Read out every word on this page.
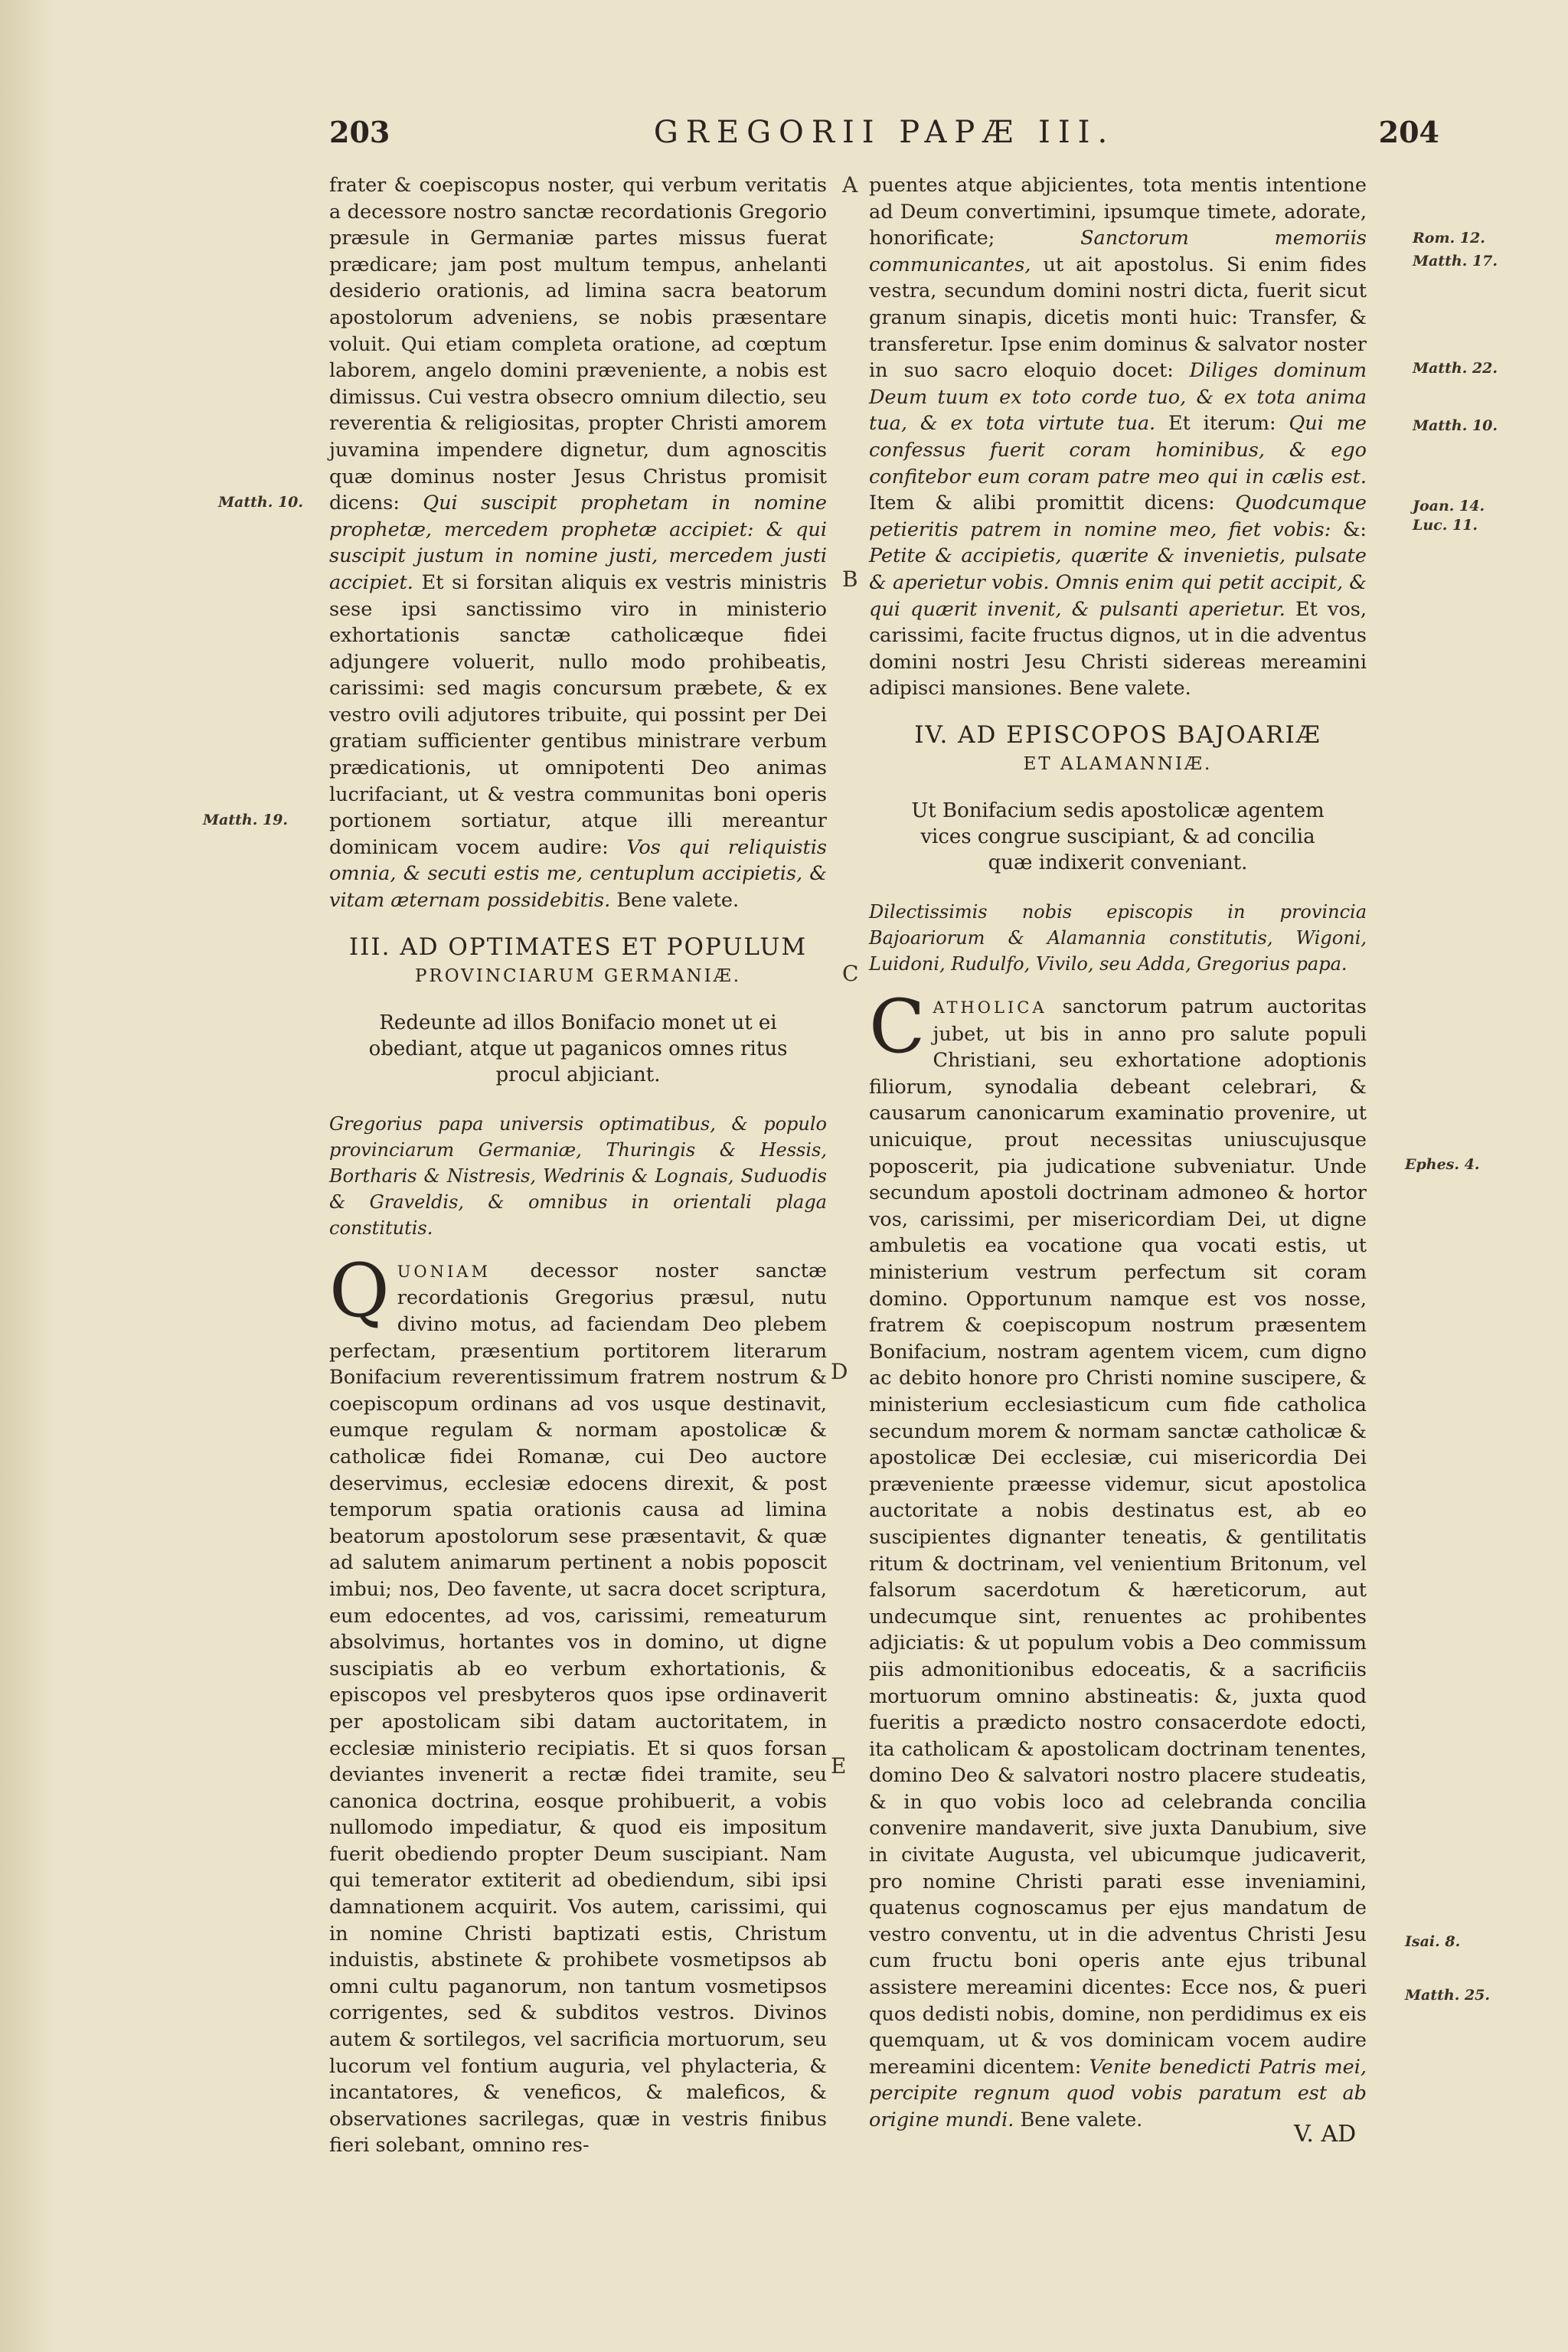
203	GREGORII PAPÆ III.	204

frater & coepiscopus noster, qui verbum veritatis a decessore nostro sanctæ recordationis Gregorio præsule in Germaniæ partes missus fuerat prædicare; jam post multum tempus, anhelanti desiderio orationis, ad limina sacra beatorum apostolorum adveniens, se nobis præsentare voluit. Qui etiam completa oratione, ad cœptum laborem, angelo domini præveniente, a nobis est dimissus. Cui vestra obsecro omnium dilectio, seu reverentia & religiositas, propter Christi amorem juvamina impendere dignetur, dum agnoscitis quæ dominus noster Jesus Christus promisit dicens: Qui suscipit prophetam in nomine prophetæ, mercedem prophetæ accipiet: & qui suscipit justum in nomine justi, mercedem justi accipiet. Et si forsitan aliquis ex vestris ministris sese ipsi sanctissimo viro in ministerio exhortationis sanctæ catholicæque fidei adjungere voluerit, nullo modo prohibeatis, carissimi: sed magis concursum præbete, & ex vestro ovili adjutores tribuite, qui possint per Dei gratiam sufficienter gentibus ministrare verbum prædicationis, ut omnipotenti Deo animas lucrifaciant, ut & vestra communitas boni operis portionem sortiatur, atque illi mereantur dominicam vocem audire: Vos qui reliquistis omnia, & secuti estis me, centuplum accipietis, & vitam æternam possidebitis. Bene valete.

III. AD OPTIMATES ET POPULUM
PROVINCIARUM GERMANIÆ.
Redeunte ad illos Bonifacio monet ut ei obediant, atque ut paganicos omnes ritus procul abjiciant.
Gregorius papa universis optimatibus, & populo provinciarum Germaniæ, Thuringis & Hessis, Bortharis & Nistresis, Wedrinis & Lognais, Suduodis & Graveldis, & omnibus in orientali plaga constitutis.

Q UONIAM decessor noster sanctæ recordationis Gregorius præsul, nutu divino motus, ad faciendam Deo plebem perfectam, præsentium portitorem literarum Bonifacium reverentissimum fratrem nostrum & coepiscopum ordinans ad vos usque destinavit, eumque regulam & normam apostolicæ & catholicæ fidei Romanæ, cui Deo auctore deservimus, ecclesiæ edocens direxit, & post temporum spatia orationis causa ad limina beatorum apostolorum sese præsentavit, & quæ ad salutem animarum pertinent a nobis poposcit imbui; nos, Deo favente, ut sacra docet scriptura, eum edocentes, ad vos, carissimi, remeaturum absolvimus, hortantes vos in domino, ut digne suscipiatis ab eo verbum exhortationis, & episcopos vel presbyteros quos ipse ordinaverit per apostolicam sibi datam auctoritatem, in ecclesiæ ministerio recipiatis. Et si quos forsan deviantes invenerit a rectæ fidei tramite, seu canonica doctrina, eosque prohibuerit, a vobis nullomodo impediatur, & quod eis impositum fuerit obediendo propter Deum suscipiant. Nam qui temerator extiterit ad obediendum, sibi ipsi damnationem acquirit. Vos autem, carissimi, qui in nomine Christi baptizati estis, Christum induistis, abstinete & prohibete vosmetipsos ab omni cultu paganorum, non tantum vosmetipsos corrigentes, sed & subditos vestros. Divinos autem & sortilegos, vel sacrificia mortuorum, seu lucorum vel fontium auguria, vel phylacteria, & incantatores, & veneficos, & maleficos, & observationes sacrilegas, quæ in vestris finibus fieri solebant, omnino res-

puentes atque abjicientes, tota mentis intentione ad Deum convertimini, ipsumque timete, adorate, honorificate; Sanctorum memoriis communicantes, ut ait apostolus. Si enim fides vestra, secundum domini nostri dicta, fuerit sicut granum sinapis, dicetis monti huic: Transfer, & transferetur. Ipse enim dominus & salvator noster in suo sacro eloquio docet: Diliges dominum Deum tuum ex toto corde tuo, & ex tota anima tua, & ex tota virtute tua. Et iterum: Qui me confessus fuerit coram hominibus, & ego confitebor eum coram patre meo qui in cælis est. Item & alibi promittit dicens: Quodcumque petieritis patrem in nomine meo, fiet vobis: &: Petite & accipietis, quærite & invenietis, pulsate & aperietur vobis. Omnis enim qui petit accipit, & qui quærit invenit, & pulsanti aperietur. Et vos, carissimi, facite fructus dignos, ut in die adventus domini nostri Jesu Christi sidereas mereamini adipisci mansiones. Bene valete.

IV. AD EPISCOPOS BAJOARIÆ
ET ALAMANNIÆ.
Ut Bonifacium sedis apostolicæ agentem vices congrue suscipiant, & ad concilia quæ indixerit conveniant.
Dilectissimis nobis episcopis in provincia Bajoariorum & Alamannia constitutis, Wigoni, Luidoni, Rudulfo, Vivilo, seu Adda, Gregorius papa.

C ATHOLICA sanctorum patrum auctoritas jubet, ut bis in anno pro salute populi Christiani, seu exhortatione adoptionis filiorum, synodalia debeant celebrari, & causarum canonicarum examinatio provenire, ut unicuique, prout necessitas uniuscujusque poposcerit, pia judicatione subveniatur. Unde secundum apostoli doctrinam admoneo & hortor vos, carissimi, per misericordiam Dei, ut digne ambuletis ea vocatione qua vocati estis, ut ministerium vestrum perfectum sit coram domino. Opportunum namque est vos nosse, fratrem & coepiscopum nostrum præsentem Bonifacium, nostram agentem vicem, cum digno ac debito honore pro Christi nomine suscipere, & ministerium ecclesiasticum cum fide catholica secundum morem & normam sanctæ catholicæ & apostolicæ Dei ecclesiæ, cui misericordia Dei præveniente præesse videmur, sicut apostolica auctoritate a nobis destinatus est, ab eo suscipientes dignanter teneatis, & gentilitatis ritum & doctrinam, vel venientium Britonum, vel falsorum sacerdotum & hæreticorum, aut undecumque sint, renuentes ac prohibentes adjiciatis: & ut populum vobis a Deo commissum piis admonitionibus edoceatis, & a sacrificiis mortuorum omnino abstineatis: &, juxta quod fueritis a prædicto nostro consacerdote edocti, ita catholicam & apostolicam doctrinam tenentes, domino Deo & salvatori nostro placere studeatis, & in quo vobis loco ad celebranda concilia convenire mandaverit, sive juxta Danubium, sive in civitate Augusta, vel ubicumque judicaverit, pro nomine Christi parati esse inveniamini, quatenus cognoscamus per ejus mandatum de vestro conventu, ut in die adventus Christi Jesu cum fructu boni operis ante ejus tribunal assistere mereamini dicentes: Ecce nos, & pueri quos dedisti nobis, domine, non perdidimus ex eis quemquam, ut & vos dominicam vocem audire mereamini dicentem: Venite benedicti Patris mei, percipite regnum quod vobis paratum est ab origine mundi. Bene valete.

Matth. 10.
Matth. 19.
Rom. 12.
Matth. 17.
Matth. 22.
Matth. 10.
Joan. 14.
Luc. 11.
Ephes. 4.
Isai. 8.
Matth. 25.
A
B
C
D
E
V. AD
